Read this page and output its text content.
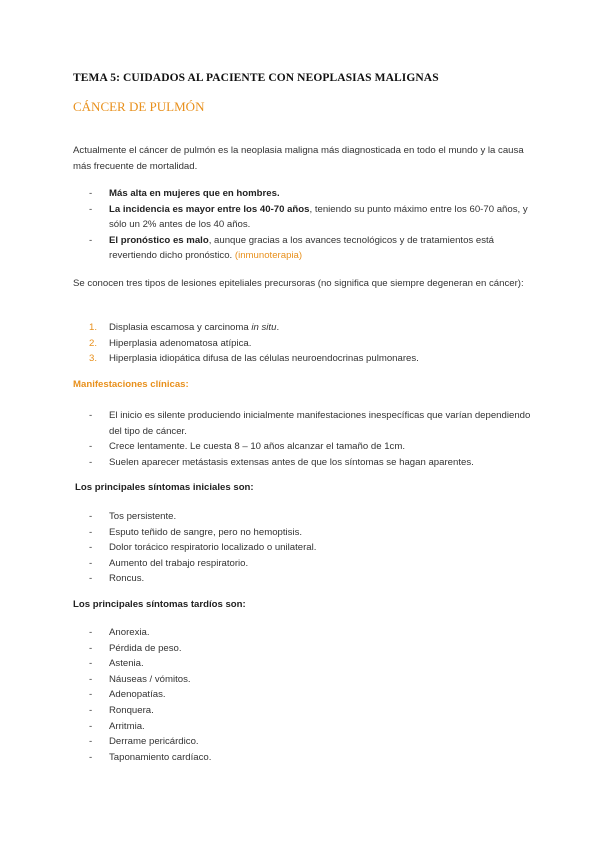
TEMA 5: CUIDADOS AL PACIENTE CON NEOPLASIAS MALIGNAS
CÁNCER DE PULMÓN
Actualmente el cáncer de pulmón es la neoplasia maligna más diagnosticada en todo el mundo y la causa más frecuente de mortalidad.
- Más alta en mujeres que en hombres.
- La incidencia es mayor entre los 40-70 años, teniendo su punto máximo entre los 60-70 años, y sólo un 2% antes de los 40 años.
- El pronóstico es malo, aunque gracias a los avances tecnológicos y de tratamientos está revertiendo dicho pronóstico. (inmunoterapia)
Se conocen tres tipos de lesiones epiteliales precursoras (no significa que siempre degeneran en cáncer):
1. Displasia escamosa y carcinoma in situ.
2. Hiperplasia adenomatosa atípica.
3. Hiperplasia idiopática difusa de las células neuroendocrinas pulmonares.
Manifestaciones clínicas:
- El inicio es silente produciendo inicialmente manifestaciones inespecíficas que varían dependiendo del tipo de cáncer.
- Crece lentamente. Le cuesta 8 – 10 años alcanzar el tamaño de 1cm.
- Suelen aparecer metástasis extensas antes de que los síntomas se hagan aparentes.
Los principales síntomas iniciales son:
- Tos persistente.
- Esputo teñido de sangre, pero no hemoptisis.
- Dolor torácico respiratorio localizado o unilateral.
- Aumento del trabajo respiratorio.
- Roncus.
Los principales síntomas tardíos son:
- Anorexia.
- Pérdida de peso.
- Astenia.
- Náuseas / vómitos.
- Adenopatías.
- Ronquera.
- Arritmia.
- Derrame pericárdico.
- Taponamiento cardíaco.
